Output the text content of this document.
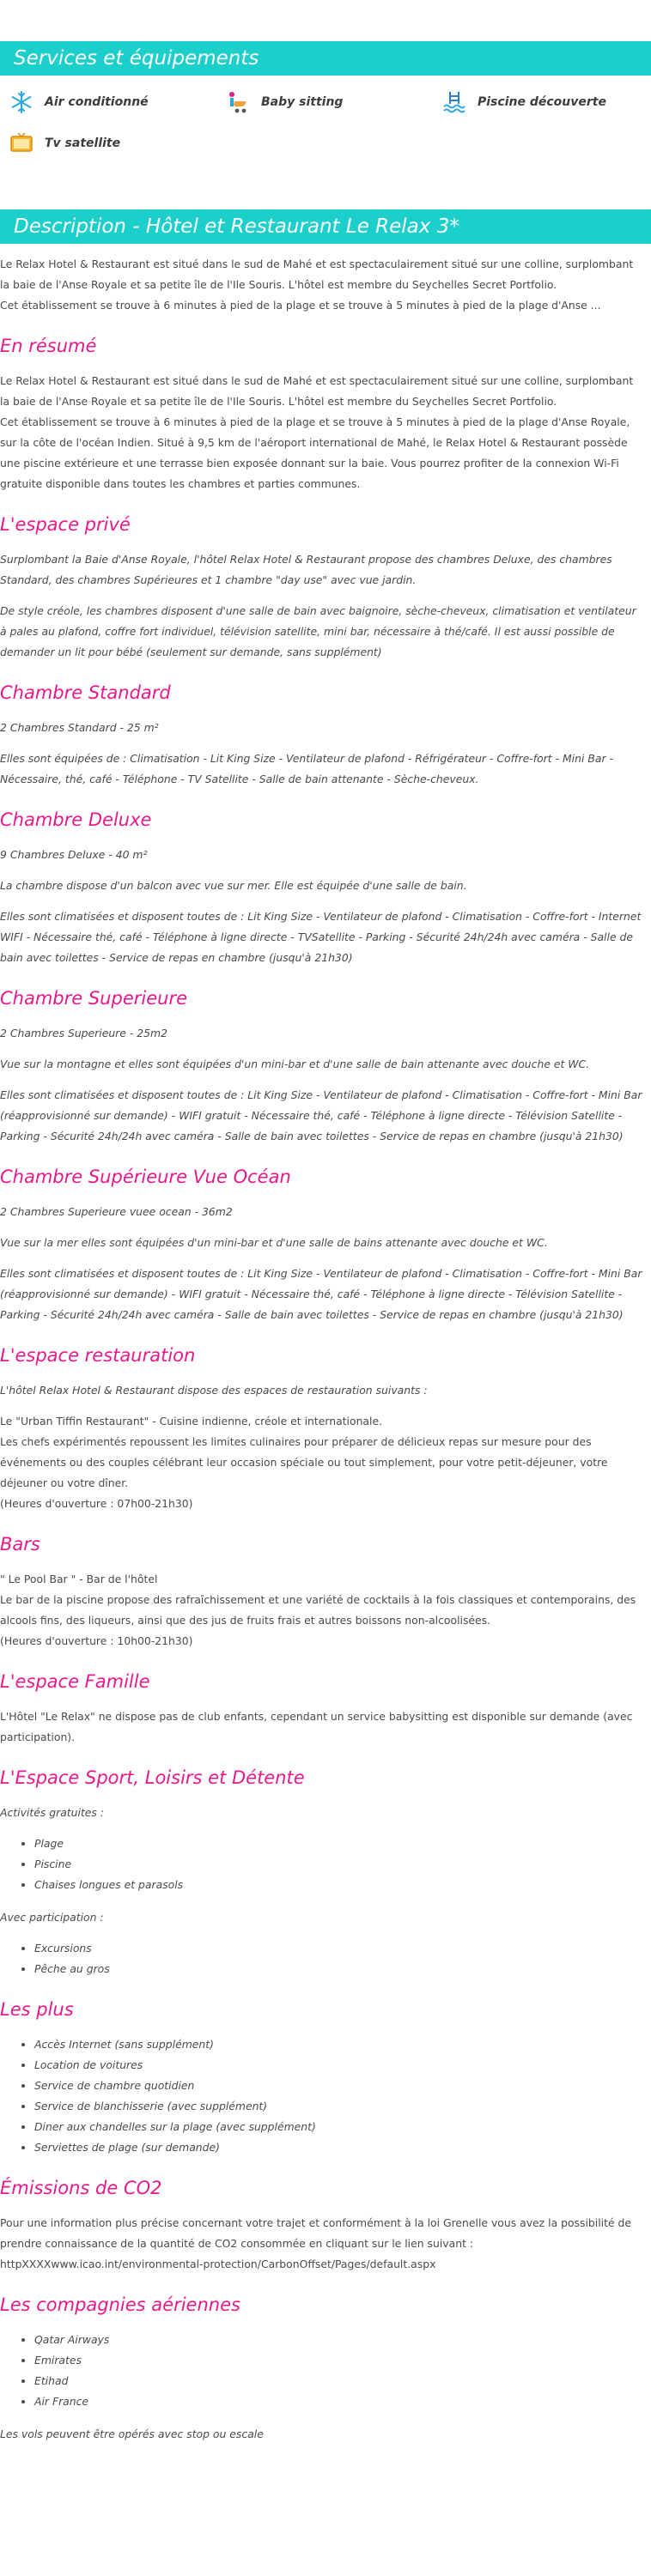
Services et équipements
Air conditionné	Baby sitting	Piscine découverte
Tv satellite
Description - Hôtel et Restaurant Le Relax 3*

Le Relax Hotel & Restaurant est situé dans le sud de Mahé et est spectaculairement situé sur une colline, surplombant la baie de l'Anse Royale et sa petite île de l'Ile Souris. L'hôtel est membre du Seychelles Secret Portfolio.
Cet établissement se trouve à 6 minutes à pied de la plage et se trouve à 5 minutes à pied de la plage d'Anse ...

En résumé

Le Relax Hotel & Restaurant est situé dans le sud de Mahé et est spectaculairement situé sur une colline, surplombant la baie de l'Anse Royale et sa petite île de l'Ile Souris. L'hôtel est membre du Seychelles Secret Portfolio.
Cet établissement se trouve à 6 minutes à pied de la plage et se trouve à 5 minutes à pied de la plage d'Anse Royale, sur la côte de l'océan Indien. Situé à 9,5 km de l'aéroport international de Mahé, le Relax Hotel & Restaurant possède une piscine extérieure et une terrasse bien exposée donnant sur la baie. Vous pourrez profiter de la connexion Wi-Fi gratuite disponible dans toutes les chambres et parties communes.

L'espace privé

Surplombant la Baie d'Anse Royale, l'hôtel Relax Hotel & Restaurant propose des chambres Deluxe, des chambres Standard, des chambres Supérieures et 1 chambre "day use" avec vue jardin.

De style créole, les chambres disposent d'une salle de bain avec baignoire, sèche-cheveux, climatisation et ventilateur à pales au plafond, coffre fort individuel, télévision satellite, mini bar, nécessaire à thé/café. Il est aussi possible de demander un lit pour bébé (seulement sur demande, sans supplément)

Chambre Standard

2 Chambres Standard - 25 m²

Elles sont équipées de : Climatisation - Lit King Size - Ventilateur de plafond - Réfrigérateur - Coffre-fort - Mini Bar - Nécessaire, thé, café - Téléphone - TV Satellite - Salle de bain attenante - Sèche-cheveux.

Chambre Deluxe

9 Chambres Deluxe - 40 m²

La chambre dispose d'un balcon avec vue sur mer. Elle est équipée d'une salle de bain.

Elles sont climatisées et disposent toutes de : Lit King Size - Ventilateur de plafond - Climatisation - Coffre-fort - Internet WIFI - Nécessaire thé, café - Téléphone à ligne directe - TVSatellite - Parking - Sécurité 24h/24h avec caméra - Salle de bain avec toilettes - Service de repas en chambre (jusqu'à 21h30)

Chambre Superieure

2 Chambres Superieure - 25m2

Vue sur la montagne et elles sont équipées d'un mini-bar et d'une salle de bain attenante avec douche et WC.

Elles sont climatisées et disposent toutes de : Lit King Size - Ventilateur de plafond - Climatisation - Coffre-fort - Mini Bar (réapprovisionné sur demande) - WIFI gratuit - Nécessaire thé, café - Téléphone à ligne directe - Télévision Satellite - Parking - Sécurité 24h/24h avec caméra - Salle de bain avec toilettes - Service de repas en chambre (jusqu'à 21h30)

Chambre Supérieure Vue Océan

2 Chambres Superieure vuee ocean - 36m2

Vue sur la mer elles sont équipées d'un mini-bar et d'une salle de bains attenante avec douche et WC.

Elles sont climatisées et disposent toutes de : Lit King Size - Ventilateur de plafond - Climatisation - Coffre-fort - Mini Bar (réapprovisionné sur demande) - WIFI gratuit - Nécessaire thé, café - Téléphone à ligne directe - Télévision Satellite - Parking - Sécurité 24h/24h avec caméra - Salle de bain avec toilettes - Service de repas en chambre (jusqu'à 21h30)

L'espace restauration

L'hôtel Relax Hotel & Restaurant dispose des espaces de restauration suivants :

Le "Urban Tiffin Restaurant" - Cuisine indienne, créole et internationale.
Les chefs expérimentés repoussent les limites culinaires pour préparer de délicieux repas sur mesure pour des événements ou des couples célébrant leur occasion spéciale ou tout simplement, pour votre petit-déjeuner, votre déjeuner ou votre dîner.
(Heures d'ouverture : 07h00-21h30)

Bars

" Le Pool Bar " - Bar de l'hôtel
Le bar de la piscine propose des rafraîchissement et une variété de cocktails à la fois classiques et contemporains, des alcools fins, des liqueurs, ainsi que des jus de fruits frais et autres boissons non-alcoolisées.
(Heures d'ouverture : 10h00-21h30)

L'espace Famille

L'Hôtel "Le Relax" ne dispose pas de club enfants, cependant un service babysitting est disponible sur demande (avec participation).

L'Espace Sport, Loisirs et Détente

Activités gratuites :

• Plage
• Piscine
• Chaises longues et parasols

Avec participation :

• Excursions
• Pêche au gros
Les plus
• Accès Internet (sans supplément)
• Location de voitures
• Service de chambre quotidien
• Service de blanchisserie (avec supplément)
• Diner aux chandelles sur la plage (avec supplément)
• Serviettes de plage (sur demande)
Émissions de CO2

Pour une information plus précise concernant votre trajet et conformément à la loi Grenelle vous avez la possibilité de prendre connaissance de la quantité de CO2 consommée en cliquant sur le lien suivant :
httpXXXXwww.icao.int/environmental-protection/CarbonOffset/Pages/default.aspx

Les compagnies aériennes
• Qatar Airways
• Emirates
• Etihad
• Air France

Les vols peuvent être opérés avec stop ou escale
